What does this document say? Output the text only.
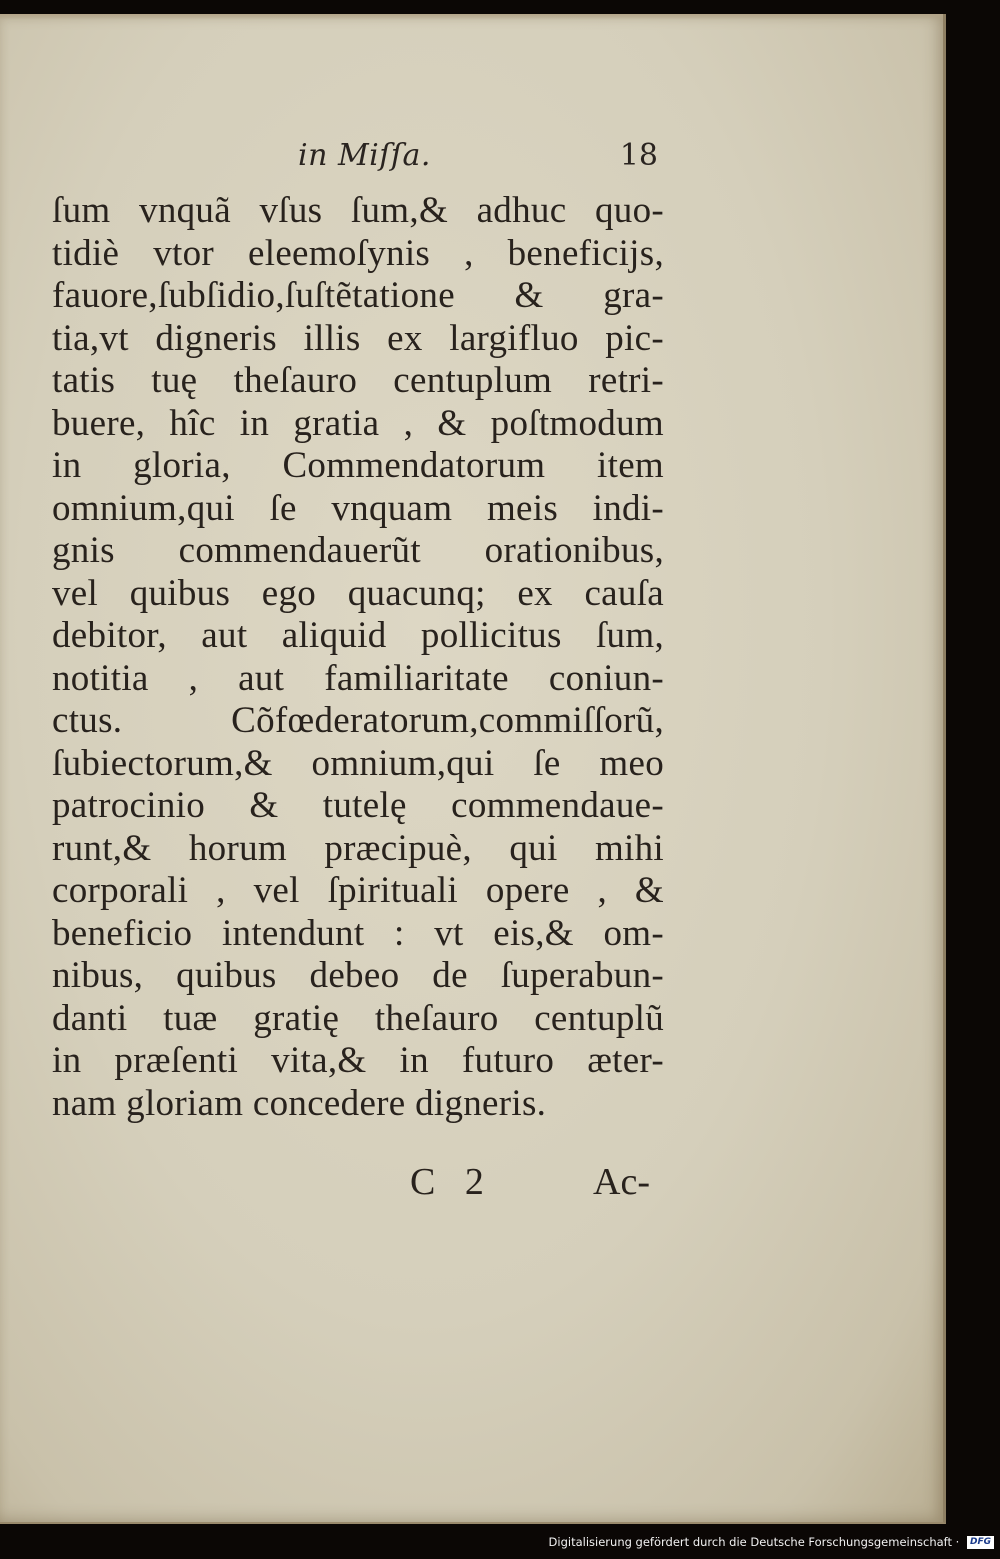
in Miſſa.	18
ſum vnquã vſus ſum,& adhuc quo-
tidiè vtor eleemoſynis , beneficijs,
fauore,ſubſidio,ſuſtẽtatione & gra-
tia,vt digneris illis ex largifluo pic-
tatis tuę theſauro centuplum retri-
buere, hîc in gratia , & poſtmodum
in gloria, Commendatorum item
omnium,qui ſe vnquam meis indi-
gnis commendauerũt orationibus,
vel quibus ego quacunq; ex cauſa
debitor, aut aliquid pollicitus ſum,
notitia , aut familiaritate coniun-
ctus. Cõfœderatorum,commiſſorũ,
ſubiectorum,& omnium,qui ſe meo
patrocinio & tutelę commendaue-
runt,& horum præcipuè, qui mihi
corporali , vel ſpirituali opere , &
beneficio intendunt : vt eis,& om-
nibus, quibus debeo de ſuperabun-
danti tuæ gratię theſauro centuplũ
in præſenti vita,& in futuro æter-
nam gloriam concedere digneris.
C 2	Ac-
Digitalisierung gefördert durch die Deutsche Forschungsgemeinschaft · DFG
